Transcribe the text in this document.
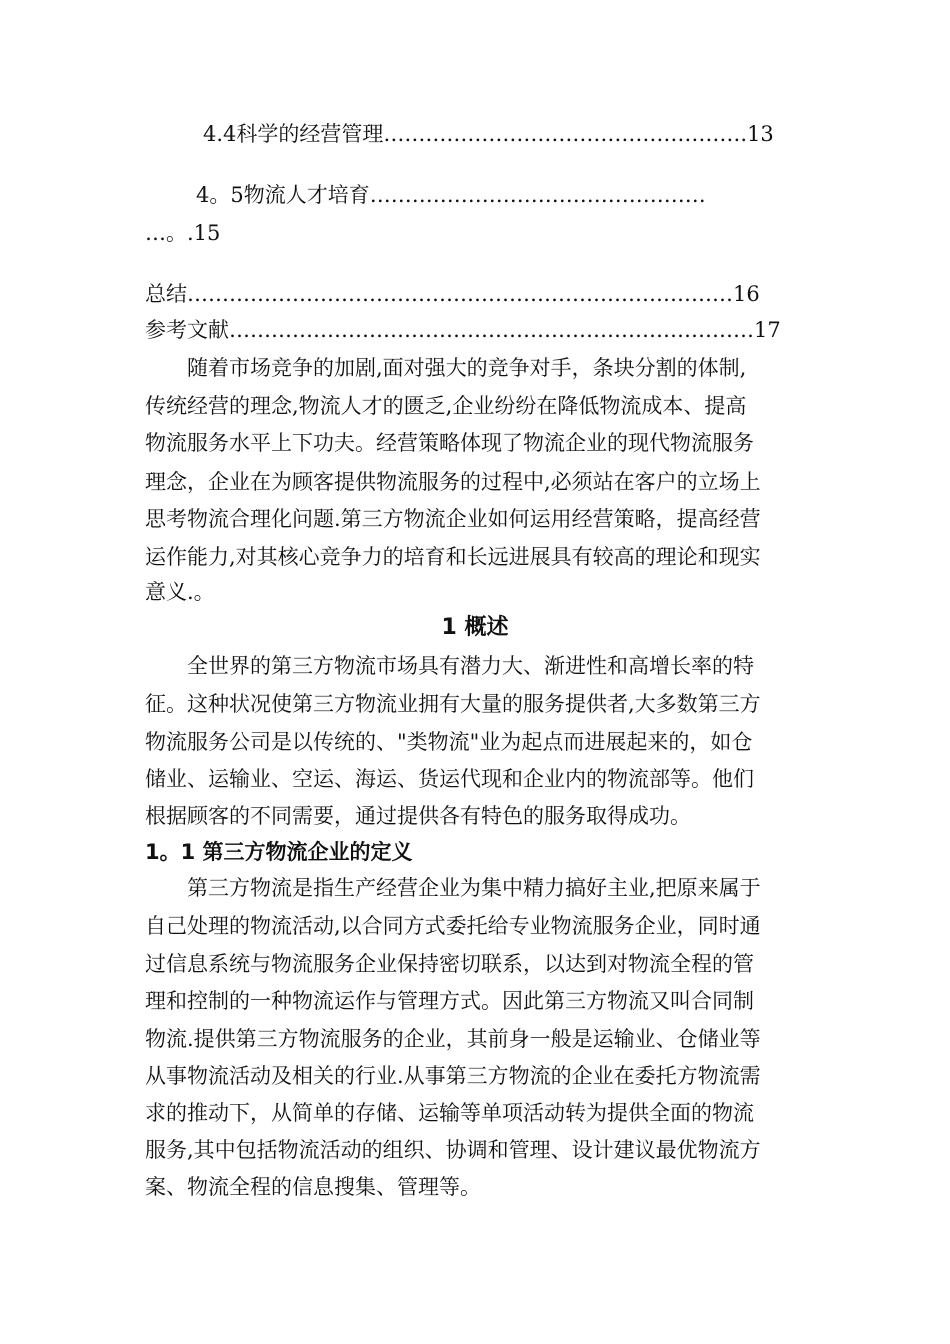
4.4科学的经营管理…………………………………………….13
4。5物流人才培育…………………………………………
…。.15
总结……………………………………………………………………16
参考文献…………………………………………………………………17
随着市场竞争的加剧,面对强大的竞争对手，条块分割的体制,
传统经营的理念,物流人才的匮乏,企业纷纷在降低物流成本、提高
物流服务水平上下功夫。经营策略体现了物流企业的现代物流服务
理念，企业在为顾客提供物流服务的过程中,必须站在客户的立场上
思考物流合理化问题.第三方物流企业如何运用经营策略，提高经营
运作能力,对其核心竞争力的培育和长远进展具有较高的理论和现实
意义.。
1 概述
全世界的第三方物流市场具有潜力大、渐进性和高增长率的特
征。这种状况使第三方物流业拥有大量的服务提供者,大多数第三方
物流服务公司是以传统的、"类物流"业为起点而进展起来的，如仓
储业、运输业、空运、海运、货运代现和企业内的物流部等。他们
根据顾客的不同需要，通过提供各有特色的服务取得成功。
1。1 第三方物流企业的定义
第三方物流是指生产经营企业为集中精力搞好主业,把原来属于
自己处理的物流活动,以合同方式委托给专业物流服务企业，同时通
过信息系统与物流服务企业保持密切联系，以达到对物流全程的管
理和控制的一种物流运作与管理方式。因此第三方物流又叫合同制
物流.提供第三方物流服务的企业，其前身一般是运输业、仓储业等
从事物流活动及相关的行业.从事第三方物流的企业在委托方物流需
求的推动下，从简单的存储、运输等单项活动转为提供全面的物流
服务,其中包括物流活动的组织、协调和管理、设计建议最优物流方
案、物流全程的信息搜集、管理等。
